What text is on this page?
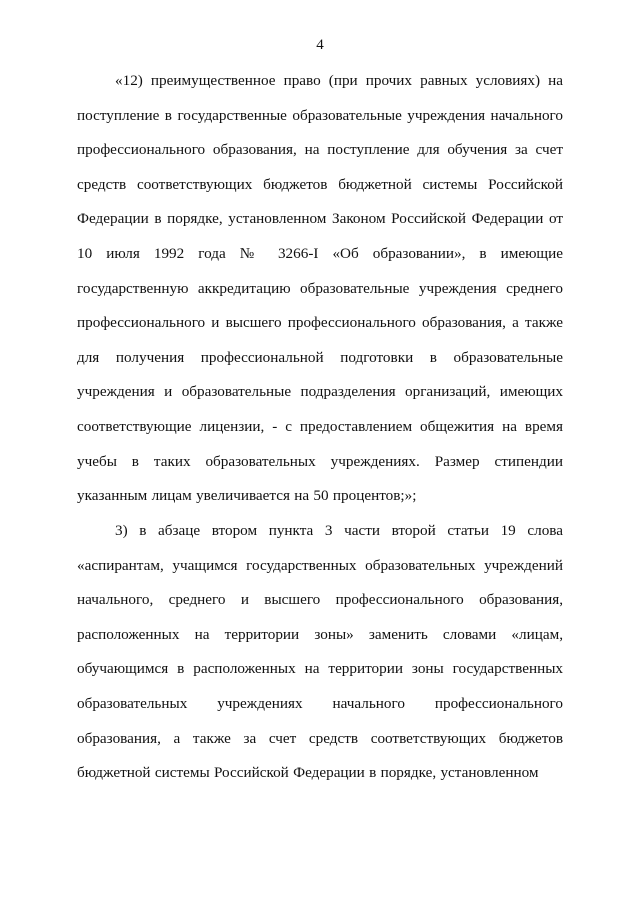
4

«12) преимущественное право (при прочих равных условиях) на поступление в государственные образовательные учреждения начального профессионального образования, на поступление для обучения за счет средств соответствующих бюджетов бюджетной системы Российской Федерации в порядке, установленном Законом Российской Федерации от 10 июля 1992 года № 3266-I «Об образовании», в имеющие государственную аккредитацию образовательные учреждения среднего профессионального и высшего профессионального образования, а также для получения профессиональной подготовки в образовательные учреждения и образовательные подразделения организаций, имеющих соответствующие лицензии, - с предоставлением общежития на время учебы в таких образовательных учреждениях. Размер стипендии указанным лицам увеличивается на 50 процентов;»;

3) в абзаце втором пункта 3 части второй статьи 19 слова «аспирантам, учащимся государственных образовательных учреждений начального, среднего и высшего профессионального образования, расположенных на территории зоны» заменить словами «лицам, обучающимся в расположенных на территории зоны государственных образовательных учреждениях начального профессионального образования, а также за счет средств соответствующих бюджетов бюджетной системы Российской Федерации в порядке, установленном
